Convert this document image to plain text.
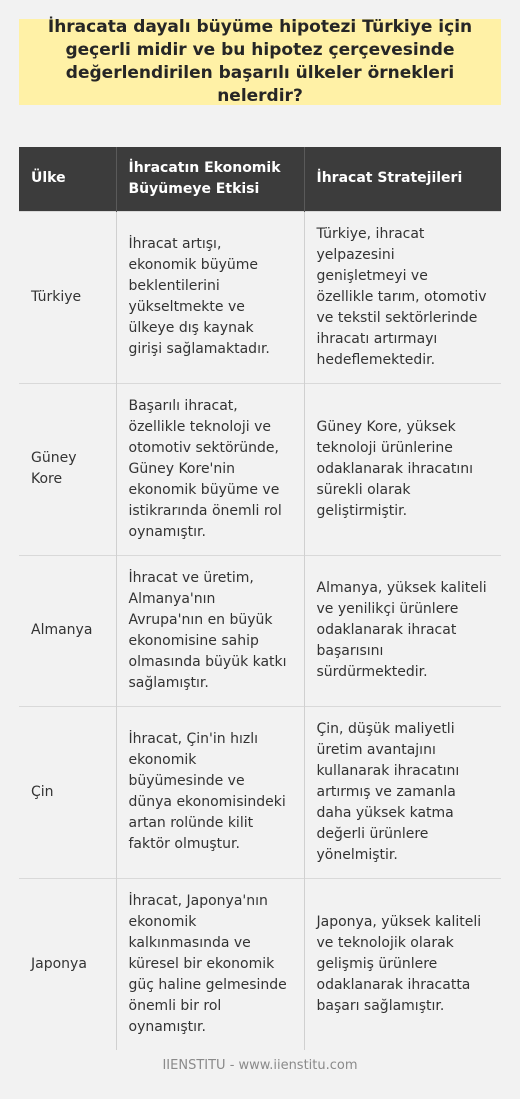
İhracata dayalı büyüme hipotezi Türkiye için geçerli midir ve bu hipotez çerçevesinde değerlendirilen başarılı ülkeler örnekleri nelerdir?
Ülke	İhracatın Ekonomik Büyümeye Etkisi	İhracat Stratejileri
Türkiye	İhracat artışı, ekonomik büyüme beklentilerini yükseltmekte ve ülkeye dış kaynak girişi sağlamaktadır.	Türkiye, ihracat yelpazesini genişletmeyi ve özellikle tarım, otomotiv ve tekstil sektörlerinde ihracatı artırmayı hedeflemektedir.
Güney Kore	Başarılı ihracat, özellikle teknoloji ve otomotiv sektöründe, Güney Kore'nin ekonomik büyüme ve istikrarında önemli rol oynamıştır.	Güney Kore, yüksek teknoloji ürünlerine odaklanarak ihracatını sürekli olarak geliştirmiştir.
Almanya	İhracat ve üretim, Almanya'nın Avrupa'nın en büyük ekonomisine sahip olmasında büyük katkı sağlamıştır.	Almanya, yüksek kaliteli ve yenilikçi ürünlere odaklanarak ihracat başarısını sürdürmektedir.
Çin	İhracat, Çin'in hızlı ekonomik büyümesinde ve dünya ekonomisindeki artan rolünde kilit faktör olmuştur.	Çin, düşük maliyetli üretim avantajını kullanarak ihracatını artırmış ve zamanla daha yüksek katma değerli ürünlere yönelmiştir.
Japonya	İhracat, Japonya'nın ekonomik kalkınmasında ve küresel bir ekonomik güç haline gelmesinde önemli bir rol oynamıştır.	Japonya, yüksek kaliteli ve teknolojik olarak gelişmiş ürünlere odaklanarak ihracatta başarı sağlamıştır.
IIENSTITU - www.iienstitu.com
